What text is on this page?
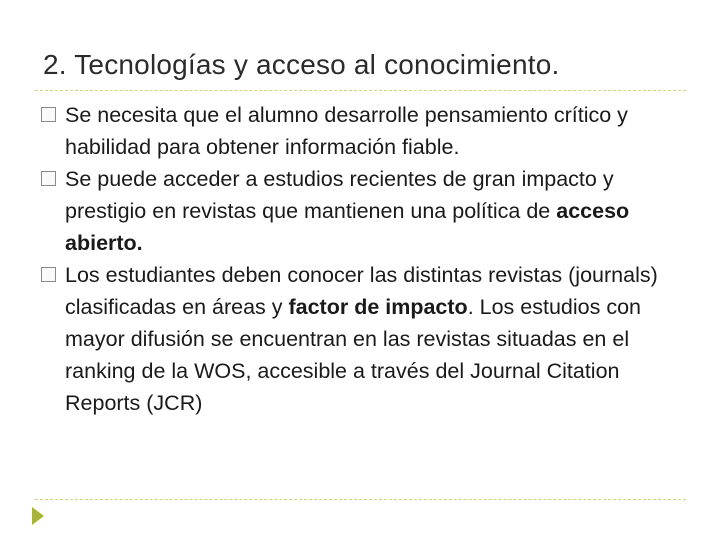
2. Tecnologías y acceso al conocimiento.
Se necesita que el alumno desarrolle pensamiento crítico y habilidad para obtener información fiable.
Se puede acceder a estudios recientes de gran impacto y prestigio en revistas que mantienen una política de acceso abierto.
Los estudiantes deben conocer las distintas revistas (journals) clasificadas en áreas y factor de impacto. Los estudios con mayor difusión se encuentran en las revistas situadas en el ranking de la WOS, accesible a través del Journal Citation Reports (JCR)
